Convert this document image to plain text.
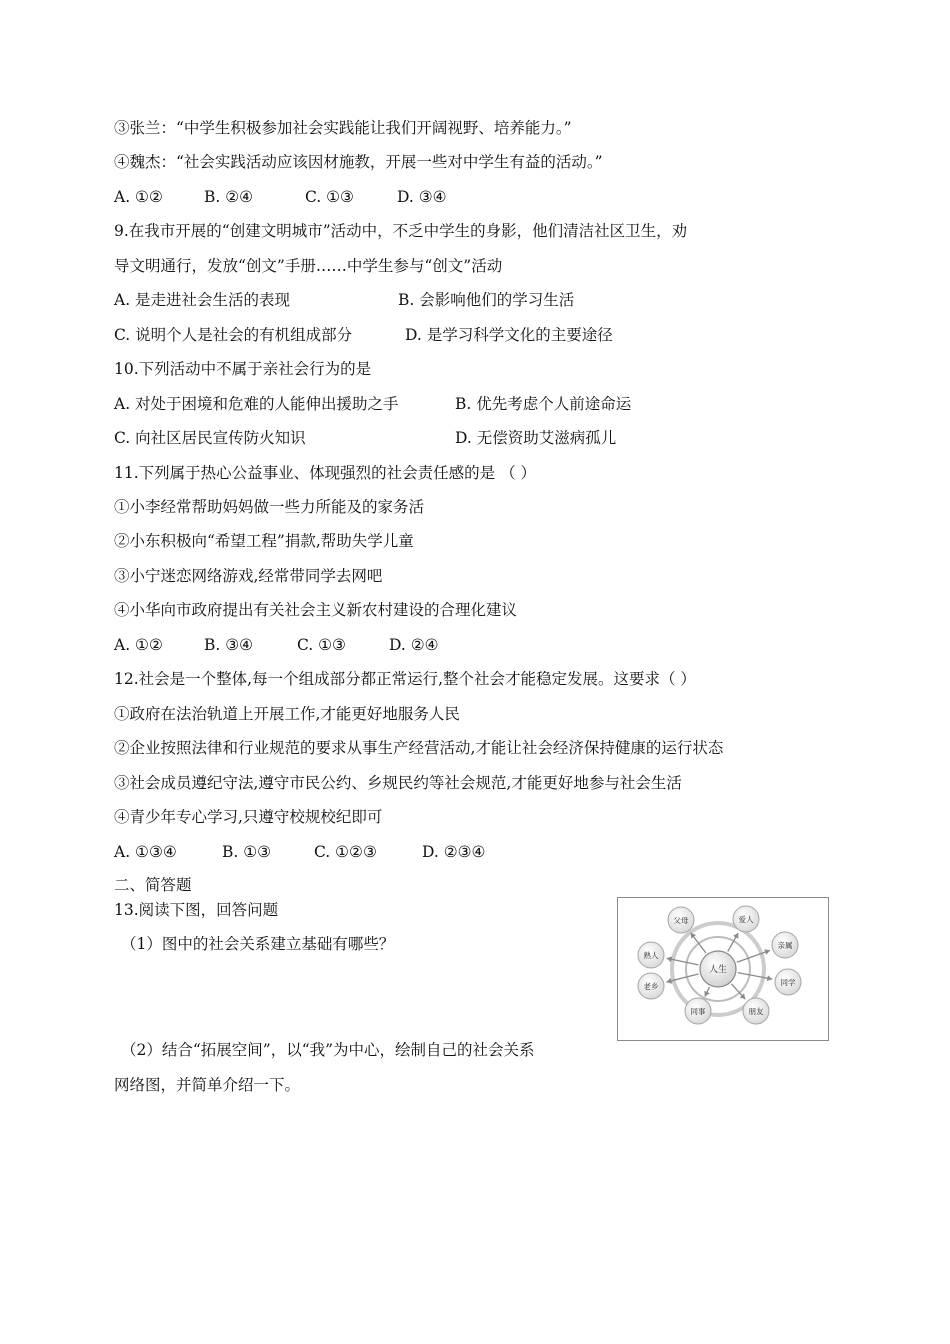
③张兰：“中学生积极参加社会实践能让我们开阔视野、培养能力。”
④魏杰：“社会实践活动应该因材施教，开展一些对中学生有益的活动。”
A. ①②	B. ②④	C. ①③	D. ③④
9.在我市开展的“创建文明城市”活动中，不乏中学生的身影，他们清洁社区卫生，劝
导文明通行，发放“创文”手册……中学生参与“创文”活动
A. 是走进社会生活的表现	B. 会影响他们的学习生活
C. 说明个人是社会的有机组成部分	D. 是学习科学文化的主要途径
10.下列活动中不属于亲社会行为的是
A. 对处于困境和危难的人能伸出援助之手	B. 优先考虑个人前途命运
C. 向社区居民宣传防火知识	D. 无偿资助艾滋病孤儿
11.下列属于热心公益事业、体现强烈的社会责任感的是 （ ）
①小李经常帮助妈妈做一些力所能及的家务活
②小东积极向“希望工程”捐款,帮助失学儿童
③小宁迷恋网络游戏,经常带同学去网吧
④小华向市政府提出有关社会主义新农村建设的合理化建议
A. ①②	B. ③④	C. ①③	D. ②④
12.社会是一个整体,每一个组成部分都正常运行,整个社会才能稳定发展。这要求（ ）
①政府在法治轨道上开展工作,才能更好地服务人民
②企业按照法律和行业规范的要求从事生产经营活动,才能让社会经济保持健康的运行状态
③社会成员遵纪守法,遵守市民公约、乡规民约等社会规范,才能更好地参与社会生活
④青少年专心学习,只遵守校规校纪即可
A. ①③④	B. ①③	C. ①②③	D. ②③④
二、简答题
13.阅读下图，回答问题
（1）图中的社会关系建立基础有哪些？
（2）结合“拓展空间”，以“我”为中心，绘制自己的社会关系
网络图，并简单介绍一下。
人生
父母	爱人
亲属
同学
朋友
同事
老乡
熟人
